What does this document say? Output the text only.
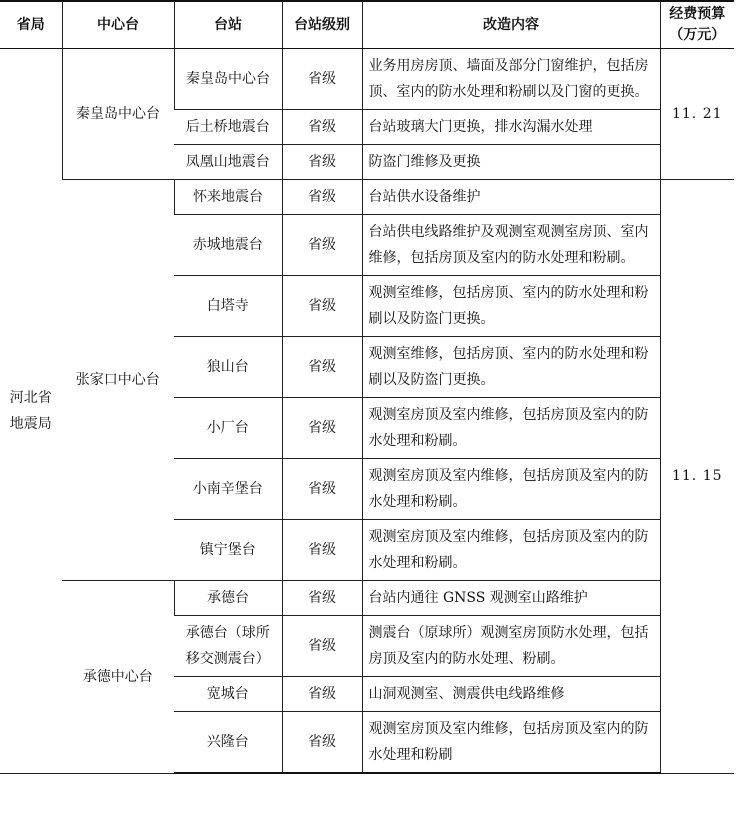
省局	中心台	台站	台站级别	改造内容	经费预算（万元）
河北省地震局	秦皇岛中心台	秦皇岛中心台	省级	业务用房房顶、墙面及部分门窗维护，包括房顶、室内的防水处理和粉刷以及门窗的更换。	11. 21
		后土桥地震台	省级	台站玻璃大门更换，排水沟漏水处理	
		凤凰山地震台	省级	防盗门维修及更换	
	张家口中心台	怀来地震台	省级	台站供水设备维护	11. 15
		赤城地震台	省级	台站供电线路维护及观测室观测室房顶、室内维修，包括房顶及室内的防水处理和粉刷。	
		白塔寺	省级	观测室维修，包括房顶、室内的防水处理和粉刷以及防盗门更换。	
		狼山台	省级	观测室维修，包括房顶、室内的防水处理和粉刷以及防盗门更换。	
		小厂台	省级	观测室房顶及室内维修，包括房顶及室内的防水处理和粉刷。	
		小南辛堡台	省级	观测室房顶及室内维修，包括房顶及室内的防水处理和粉刷。	
		镇宁堡台	省级	观测室房顶及室内维修，包括房顶及室内的防水处理和粉刷。	
	承德中心台	承德台	省级	台站内通往 GNSS 观测室山路维护	
		承德台（球所移交测震台）	省级	测震台（原球所）观测室房顶防水处理，包括房顶及室内的防水处理、粉刷。	
		宽城台	省级	山洞观测室、测震供电线路维修	
		兴隆台	省级	观测室房顶及室内维修，包括房顶及室内的防水处理和粉刷	
